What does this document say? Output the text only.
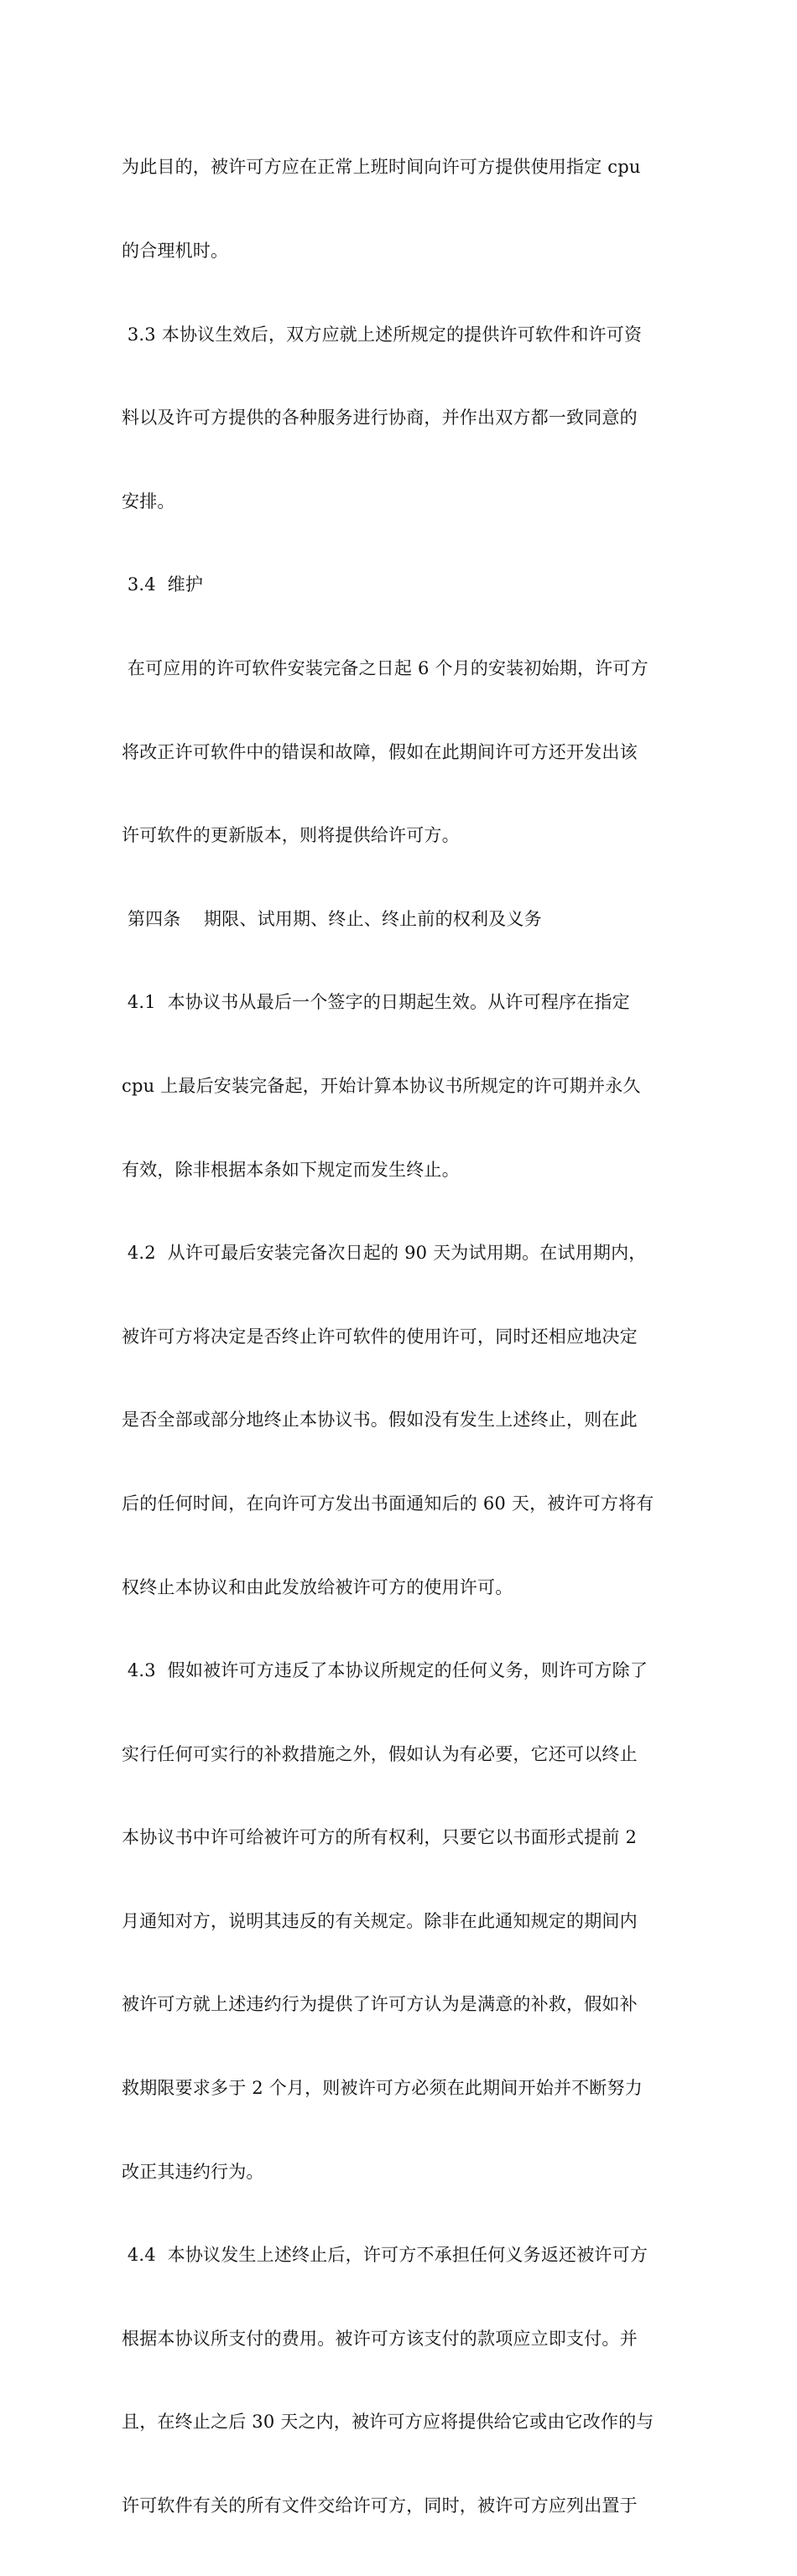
为此目的，被许可方应在正常上班时间向许可方提供使用指定 cpu

的合理机时。

3.3 本协议生效后，双方应就上述所规定的提供许可软件和许可资

料以及许可方提供的各种服务进行协商，并作出双方都一致同意的

安排。

3.4  维护

在可应用的许可软件安装完备之日起 6 个月的安装初始期，许可方

将改正许可软件中的错误和故障，假如在此期间许可方还开发出该

许可软件的更新版本，则将提供给许可方。

第四条    期限、试用期、终止、终止前的权利及义务

4.1  本协议书从最后一个签字的日期起生效。从许可程序在指定

cpu 上最后安装完备起，开始计算本协议书所规定的许可期并永久

有效，除非根据本条如下规定而发生终止。

4.2  从许可最后安装完备次日起的 90 天为试用期。在试用期内，

被许可方将决定是否终止许可软件的使用许可，同时还相应地决定

是否全部或部分地终止本协议书。假如没有发生上述终止，则在此

后的任何时间，在向许可方发出书面通知后的 60 天，被许可方将有

权终止本协议和由此发放给被许可方的使用许可。

4.3  假如被许可方违反了本协议所规定的任何义务，则许可方除了

实行任何可实行的补救措施之外，假如认为有必要，它还可以终止

本协议书中许可给被许可方的所有权利，只要它以书面形式提前 2

月通知对方，说明其违反的有关规定。除非在此通知规定的期间内

被许可方就上述违约行为提供了许可方认为是满意的补救，假如补

救期限要求多于 2 个月，则被许可方必须在此期间开始并不断努力

改正其违约行为。

4.4  本协议发生上述终止后，许可方不承担任何义务返还被许可方

根据本协议所支付的费用。被许可方该支付的款项应立即支付。并

且，在终止之后 30 天之内，被许可方应将提供给它或由它改作的与

许可软件有关的所有文件交给许可方，同时，被许可方应列出置于
